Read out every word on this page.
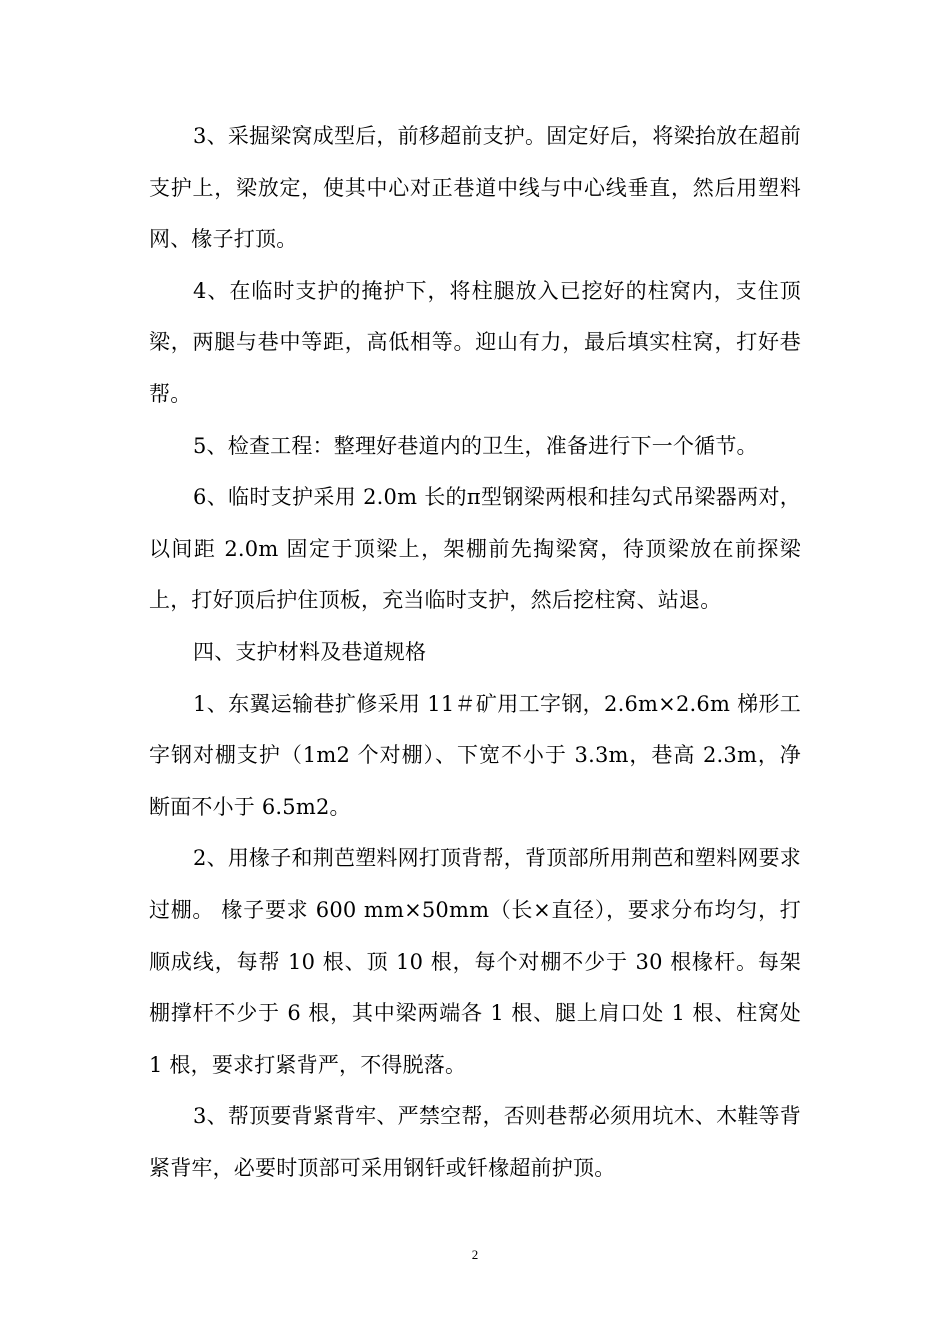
3、采掘梁窝成型后，前移超前支护。固定好后，将梁抬放在超前支护上，梁放定，使其中心对正巷道中线与中心线垂直，然后用塑料网、椽子打顶。

4、在临时支护的掩护下，将柱腿放入已挖好的柱窝内，支住顶梁，两腿与巷中等距，高低相等。迎山有力，最后填实柱窝，打好巷帮。

5、检查工程：整理好巷道内的卫生，准备进行下一个循节。

6、临时支护采用 2.0m 长的π型钢梁两根和挂勾式吊梁器两对，以间距 2.0m 固定于顶梁上，架棚前先掏梁窝，待顶梁放在前探梁上，打好顶后护住顶板，充当临时支护，然后挖柱窝、站退。

四、支护材料及巷道规格

1、东翼运输巷扩修采用 11＃矿用工字钢，2.6m×2.6m 梯形工字钢对棚支护（1m2 个对棚）、下宽不小于 3.3m，巷高 2.3m，净断面不小于 6.5m2。

2、用椽子和荆芭塑料网打顶背帮，背顶部所用荆芭和塑料网要求过棚。 椽子要求 600 mm×50mm（长×直径），要求分布均匀，打顺成线，每帮 10 根、顶 10 根，每个对棚不少于 30 根椽杆。每架棚撑杆不少于 6 根，其中梁两端各 1 根、腿上肩口处 1 根、柱窝处 1 根，要求打紧背严，不得脱落。

3、帮顶要背紧背牢、严禁空帮，否则巷帮必须用坑木、木鞋等背紧背牢，必要时顶部可采用钢钎或钎椽超前护顶。

2
